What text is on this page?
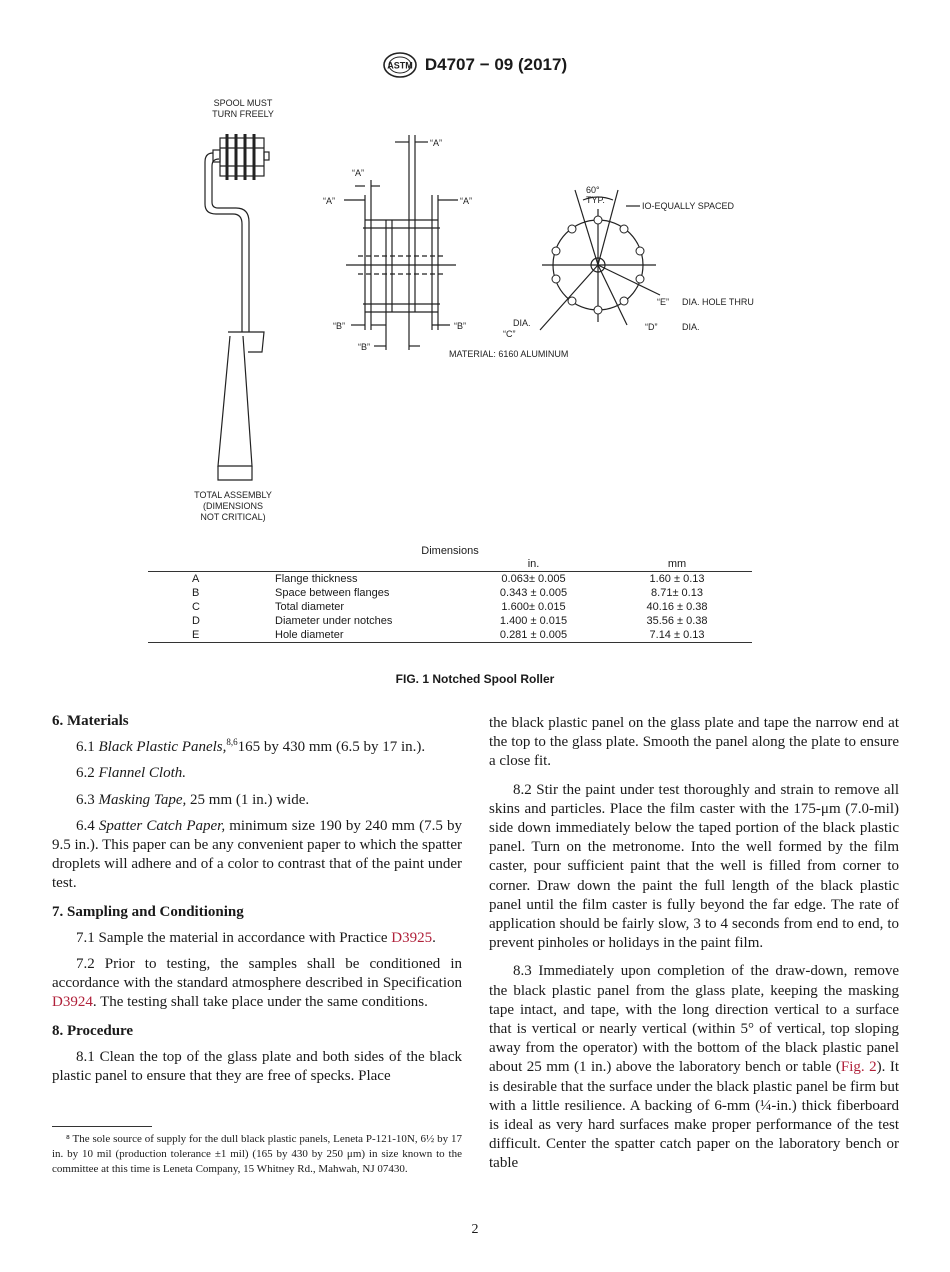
ASTM D4707 − 09 (2017)
SPOOL MUST
TURN FREELY
TOTAL ASSEMBLY
(DIMENSIONS
NOT CRITICAL)
“A”
“A”
“A”	“A”
“B”	“B”
“B”
60°
TYP.
IO-EQUALLY SPACED
“E” DIA. HOLE THRU
“D”	DIA.
DIA.
“C”
MATERIAL: 6160 ALUMINUM
Dimensions
		in.	mm
A	Flange thickness	0.063± 0.005	1.60 ± 0.13
B	Space between flanges	0.343 ± 0.005	8.71± 0.13
C	Total diameter	1.600± 0.015	40.16 ± 0.38
D	Diameter under notches	1.400 ± 0.015	35.56 ± 0.38
E	Hole diameter	0.281 ± 0.005	7.14 ± 0.13
FIG. 1 Notched Spool Roller
6. Materials

6.1 Black Plastic Panels,$^{8,6}$165 by 430 mm (6.5 by 17 in.).

6.2 Flannel Cloth.

6.3 Masking Tape, 25 mm (1 in.) wide.

6.4 Spatter Catch Paper, minimum size 190 by 240 mm (7.5 by 9.5 in.). This paper can be any convenient paper to which the spatter droplets will adhere and of a color to contrast that of the paint under test.

7. Sampling and Conditioning

7.1 Sample the material in accordance with Practice D3925.

7.2 Prior to testing, the samples shall be conditioned in accordance with the standard atmosphere described in Specification D3924. The testing shall take place under the same conditions.

8. Procedure

8.1 Clean the top of the glass plate and both sides of the black plastic panel to ensure that they are free of specks. Place

⁸ The sole source of supply for the dull black plastic panels, Leneta P-121-10N, 6½ by 17 in. by 10 mil (production tolerance ±1 mil) (165 by 430 by 250 μm) in size known to the committee at this time is Leneta Company, 15 Whitney Rd., Mahwah, NJ 07430.

the black plastic panel on the glass plate and tape the narrow end at the top to the glass plate. Smooth the panel along the plate to ensure a close fit.

8.2 Stir the paint under test thoroughly and strain to remove all skins and particles. Place the film caster with the 175-μm (7.0-mil) side down immediately below the taped portion of the black plastic panel. Turn on the metronome. Into the well formed by the film caster, pour sufficient paint that the well is filled from corner to corner. Draw down the paint the full length of the black plastic panel until the film caster is fully beyond the far edge. The rate of application should be fairly slow, 3 to 4 seconds from end to end, to prevent pinholes or holidays in the paint film.

8.3 Immediately upon completion of the draw-down, remove the black plastic panel from the glass plate, keeping the masking tape intact, and tape, with the long direction vertical to a surface that is vertical or nearly vertical (within 5° of vertical, top sloping away from the operator) with the bottom of the black plastic panel about 25 mm (1 in.) above the laboratory bench or table (Fig. 2). It is desirable that the surface under the black plastic panel be firm but with a little resilience. A backing of 6-mm (¼-in.) thick fiberboard is ideal as very hard surfaces make proper performance of the test difficult. Center the spatter catch paper on the laboratory bench or table

2
